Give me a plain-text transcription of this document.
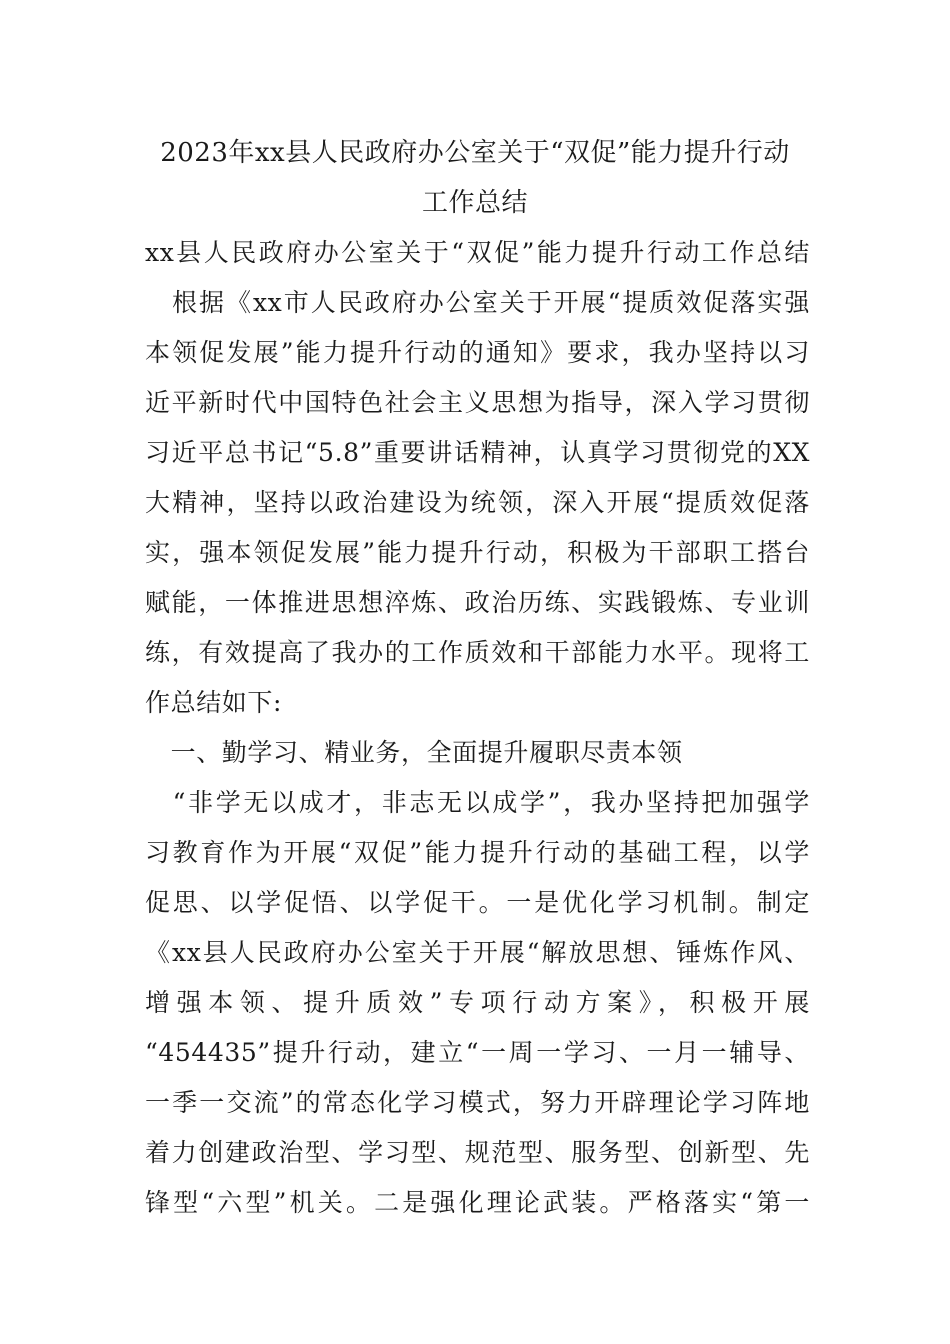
2023年xx县人民政府办公室关于“双促”能力提升行动
工作总结
xx县人民政府办公室关于“双促”能力提升行动工作总结
　根据《xx市人民政府办公室关于开展“提质效促落实强
本领促发展”能力提升行动的通知》要求，我办坚持以习
近平新时代中国特色社会主义思想为指导，深入学习贯彻
习近平总书记“5.8”重要讲话精神，认真学习贯彻党的XX
大精神，坚持以政治建设为统领，深入开展“提质效促落
实，强本领促发展”能力提升行动，积极为干部职工搭台
赋能，一体推进思想淬炼、政治历练、实践锻炼、专业训
练，有效提高了我办的工作质效和干部能力水平。现将工
作总结如下:
　一、勤学习、精业务，全面提升履职尽责本领
　“非学无以成才，非志无以成学”，我办坚持把加强学
习教育作为开展“双促”能力提升行动的基础工程，以学
促思、以学促悟、以学促干。一是优化学习机制。制定
《xx县人民政府办公室关于开展“解放思想、锤炼作风、
增强本领、提升质效”专项行动方案》，积极开展
“454435”提升行动，建立“一周一学习、一月一辅导、
一季一交流”的常态化学习模式，努力开辟理论学习阵地
着力创建政治型、学习型、规范型、服务型、创新型、先
锋型“六型”机关。二是强化理论武装。严格落实“第一
